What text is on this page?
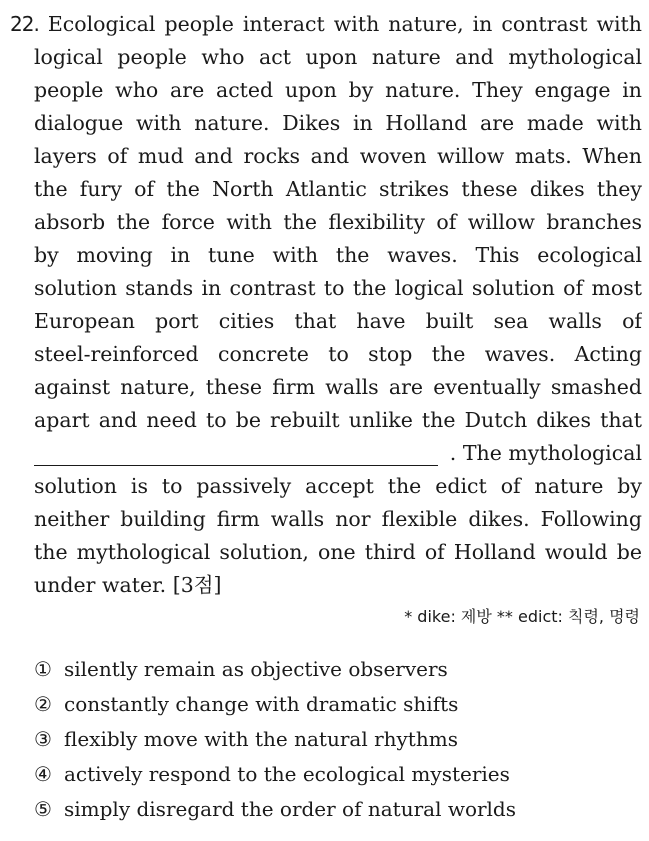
22. Ecological people interact with nature, in contrast with
logical people who act upon nature and mythological
people who are acted upon by nature. They engage in
dialogue with nature. Dikes in Holland are made with
layers of mud and rocks and woven willow mats. When
the fury of the North Atlantic strikes these dikes they
absorb the force with the flexibility of willow branches
by moving in tune with the waves. This ecological
solution stands in contrast to the logical solution of most
European port cities that have built sea walls of
steel-reinforced concrete to stop the waves. Acting
against nature, these firm walls are eventually smashed
apart and need to be rebuilt unlike the Dutch dikes that
. The mythological
solution is to passively accept the edict of nature by
neither building firm walls nor flexible dikes. Following
the mythological solution, one third of Holland would be
under water. [3점]
* dike: 제방 ** edict: 칙령, 명령
① silently remain as objective observers
② constantly change with dramatic shifts
③ flexibly move with the natural rhythms
④ actively respond to the ecological mysteries
⑤ simply disregard the order of natural worlds
